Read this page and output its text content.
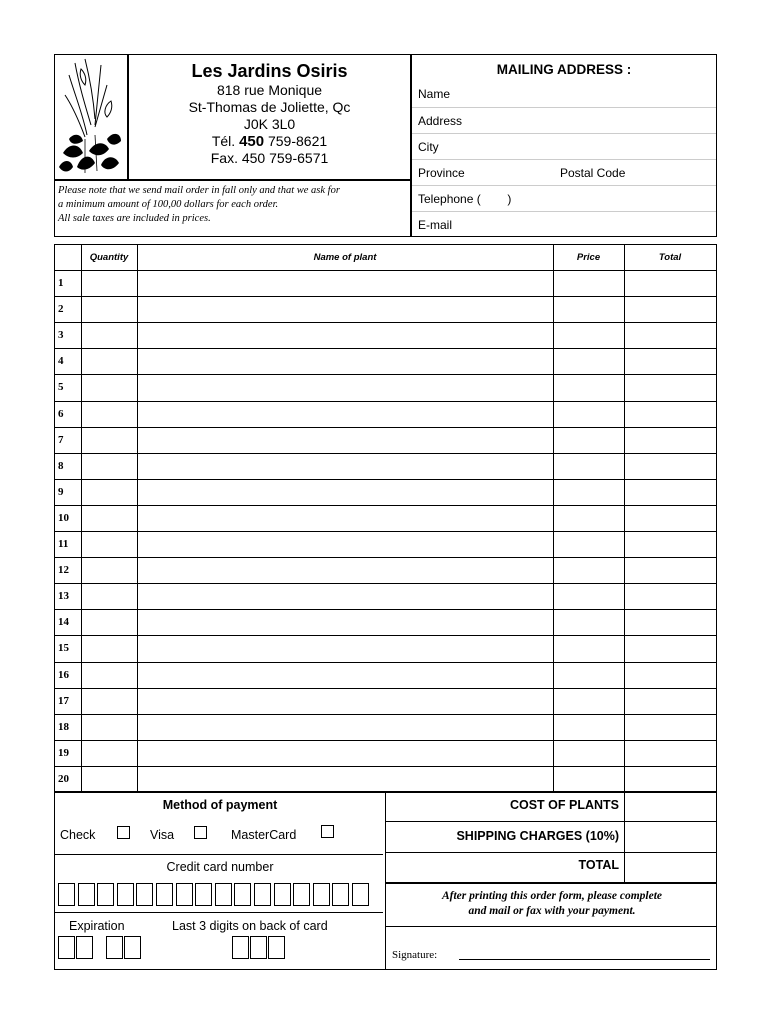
Les Jardins Osiris
818 rue Monique
St-Thomas de Joliette, Qc
J0K 3L0
Tél. 450 759-8621
Fax. 450 759-6571
Please note that we send mail order in fall only and that we ask for
a minimum amount of 100,00 dollars for each order.
All sale taxes are included in prices.
MAILING ADDRESS :
Name
Address
City
Province	Postal Code
Telephone (        )
E-mail
Quantity	Name of plant	Price	Total
1
2
3
4
5
6
7
8
9
10
11
12
13
14
15
16
17
18
19
20
Method of payment
Check	Visa	MasterCard
Credit card number
Expiration	Last 3 digits on back of card
COST OF PLANTS
SHIPPING CHARGES (10%)
TOTAL
After printing this order form, please complete
and mail or fax with your payment.
Signature:
